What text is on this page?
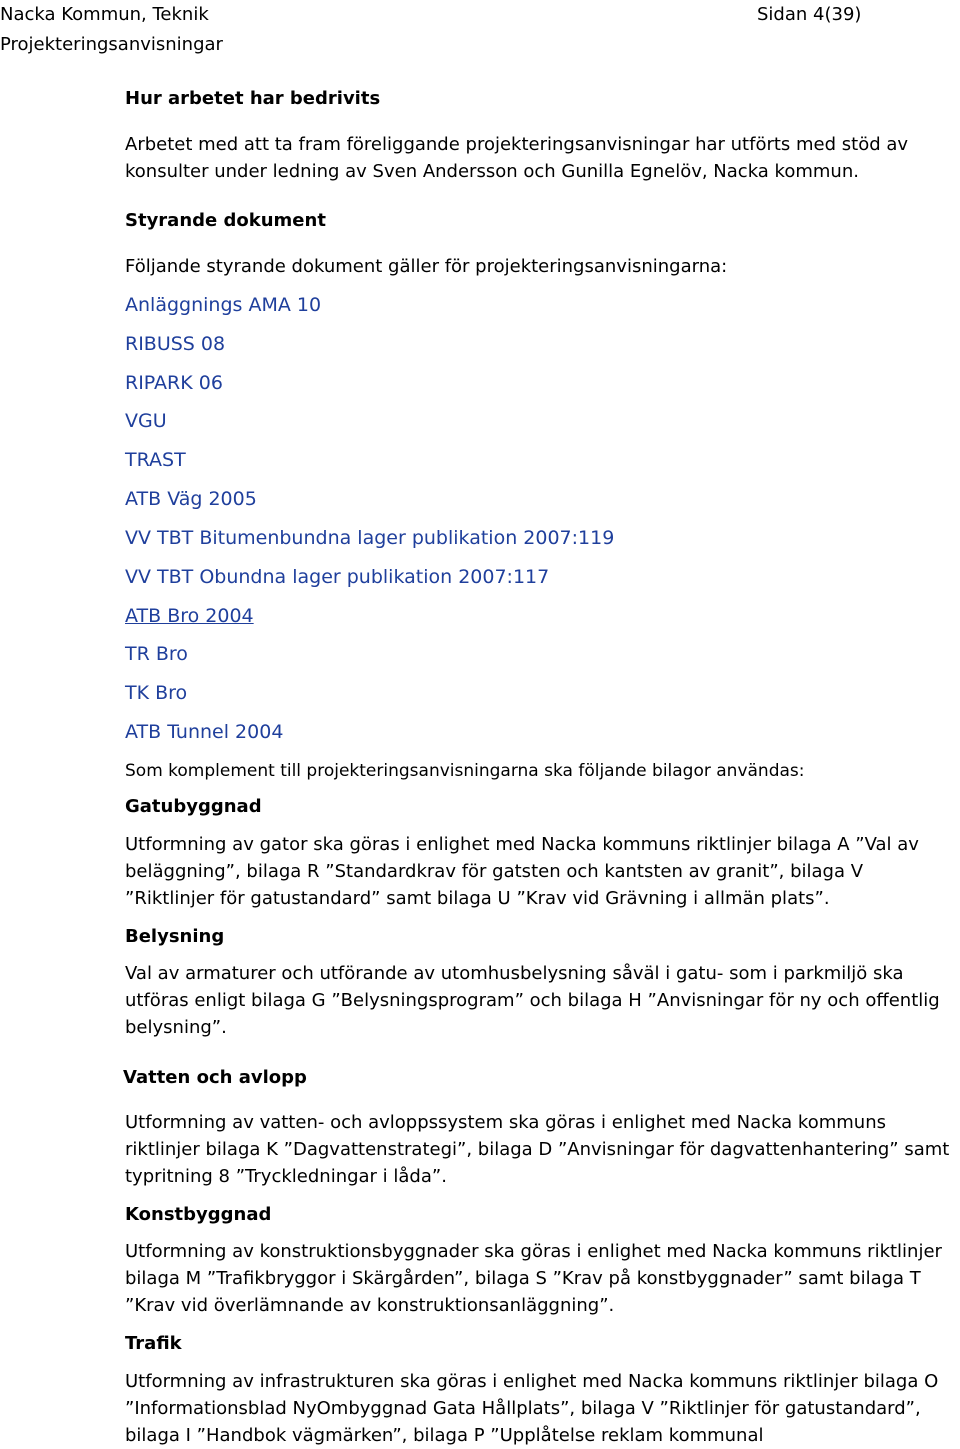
Nacka Kommun, Teknik
Projekteringsanvisningar
Sidan 4(39)
Hur arbetet har bedrivits
Arbetet med att ta fram föreliggande projekteringsanvisningar har utförts med stöd av konsulter under ledning av Sven Andersson och Gunilla Egnelöv, Nacka kommun.
Styrande dokument
Följande styrande dokument gäller för projekteringsanvisningarna:
Anläggnings AMA 10
RIBUSS 08
RIPARK 06
VGU
TRAST
ATB Väg 2005
VV TBT Bitumenbundna lager publikation 2007:119
VV TBT Obundna lager publikation 2007:117
ATB Bro 2004
TR Bro
TK Bro
ATB Tunnel 2004
Som komplement till projekteringsanvisningarna ska följande bilagor användas:
Gatubyggnad
Utformning av gator ska göras i enlighet med Nacka kommuns riktlinjer bilaga A ”Val av beläggning”, bilaga R ”Standardkrav för gatsten och kantsten av granit”, bilaga V ”Riktlinjer för gatustandard” samt bilaga U ”Krav vid Grävning i allmän plats”.
Belysning
Val av armaturer och utförande av utomhusbelysning såväl i gatu- som i parkmiljö ska utföras enligt bilaga G ”Belysningsprogram” och bilaga H ”Anvisningar för ny och offentlig belysning”.
Vatten och avlopp
Utformning av vatten- och avloppssystem ska göras i enlighet med Nacka kommuns riktlinjer bilaga K ”Dagvattenstrategi”, bilaga D ”Anvisningar för dagvattenhantering” samt typritning 8 ”Tryckledningar i låda”.
Konstbyggnad
Utformning av konstruktionsbyggnader ska göras i enlighet med Nacka kommuns riktlinjer bilaga M ”Trafikbryggor i Skärgården”, bilaga S ”Krav på konstbyggnader” samt bilaga T ”Krav vid överlämnande av konstruktionsanläggning”.
Trafik
Utformning av infrastrukturen ska göras i enlighet med Nacka kommuns riktlinjer bilaga O ”Informationsblad NyOmbyggnad Gata Hållplats”, bilaga V ”Riktlinjer för gatustandard”, bilaga I ”Handbok vägmärken”, bilaga P ”Upplåtelse reklam kommunal
